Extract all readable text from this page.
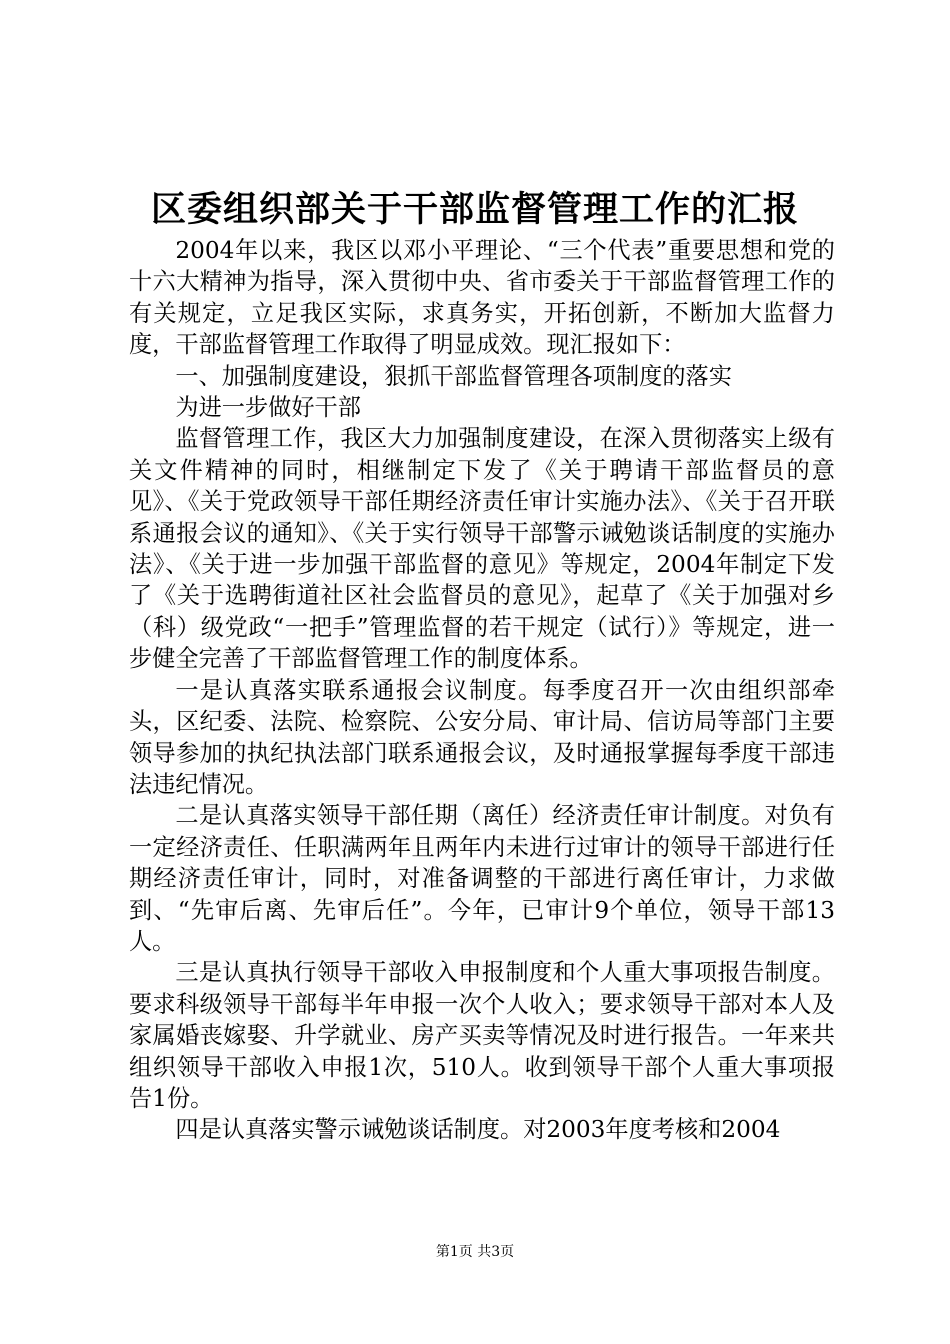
区委组织部关于干部监督管理工作的汇报

2004年以来，我区以邓小平理论、“三个代表”重要思想和党的十六大精神为指导，深入贯彻中央、省市委关于干部监督管理工作的有关规定，立足我区实际，求真务实，开拓创新，不断加大监督力度，干部监督管理工作取得了明显成效。现汇报如下：

一、加强制度建设，狠抓干部监督管理各项制度的落实

为进一步做好干部

监督管理工作，我区大力加强制度建设，在深入贯彻落实上级有关文件精神的同时，相继制定下发了《关于聘请干部监督员的意见》、《关于党政领导干部任期经济责任审计实施办法》、《关于召开联系通报会议的通知》、《关于实行领导干部警示诫勉谈话制度的实施办法》、《关于进一步加强干部监督的意见》等规定，2004年制定下发了《关于选聘街道社区社会监督员的意见》，起草了《关于加强对乡（科）级党政“一把手”管理监督的若干规定（试行）》等规定，进一步健全完善了干部监督管理工作的制度体系。

一是认真落实联系通报会议制度。每季度召开一次由组织部牵头，区纪委、法院、检察院、公安分局、审计局、信访局等部门主要领导参加的执纪执法部门联系通报会议，及时通报掌握每季度干部违法违纪情况。

二是认真落实领导干部任期（离任）经济责任审计制度。对负有一定经济责任、任职满两年且两年内未进行过审计的领导干部进行任期经济责任审计，同时，对准备调整的干部进行离任审计，力求做到、“先审后离、先审后任”。今年，已审计9个单位，领导干部13人。

三是认真执行领导干部收入申报制度和个人重大事项报告制度。要求科级领导干部每半年申报一次个人收入；要求领导干部对本人及家属婚丧嫁娶、升学就业、房产买卖等情况及时进行报告。一年来共组织领导干部收入申报1次，510人。收到领导干部个人重大事项报告1份。

四是认真落实警示诫勉谈话制度。对2003年度考核和2004

第1页 共3页
